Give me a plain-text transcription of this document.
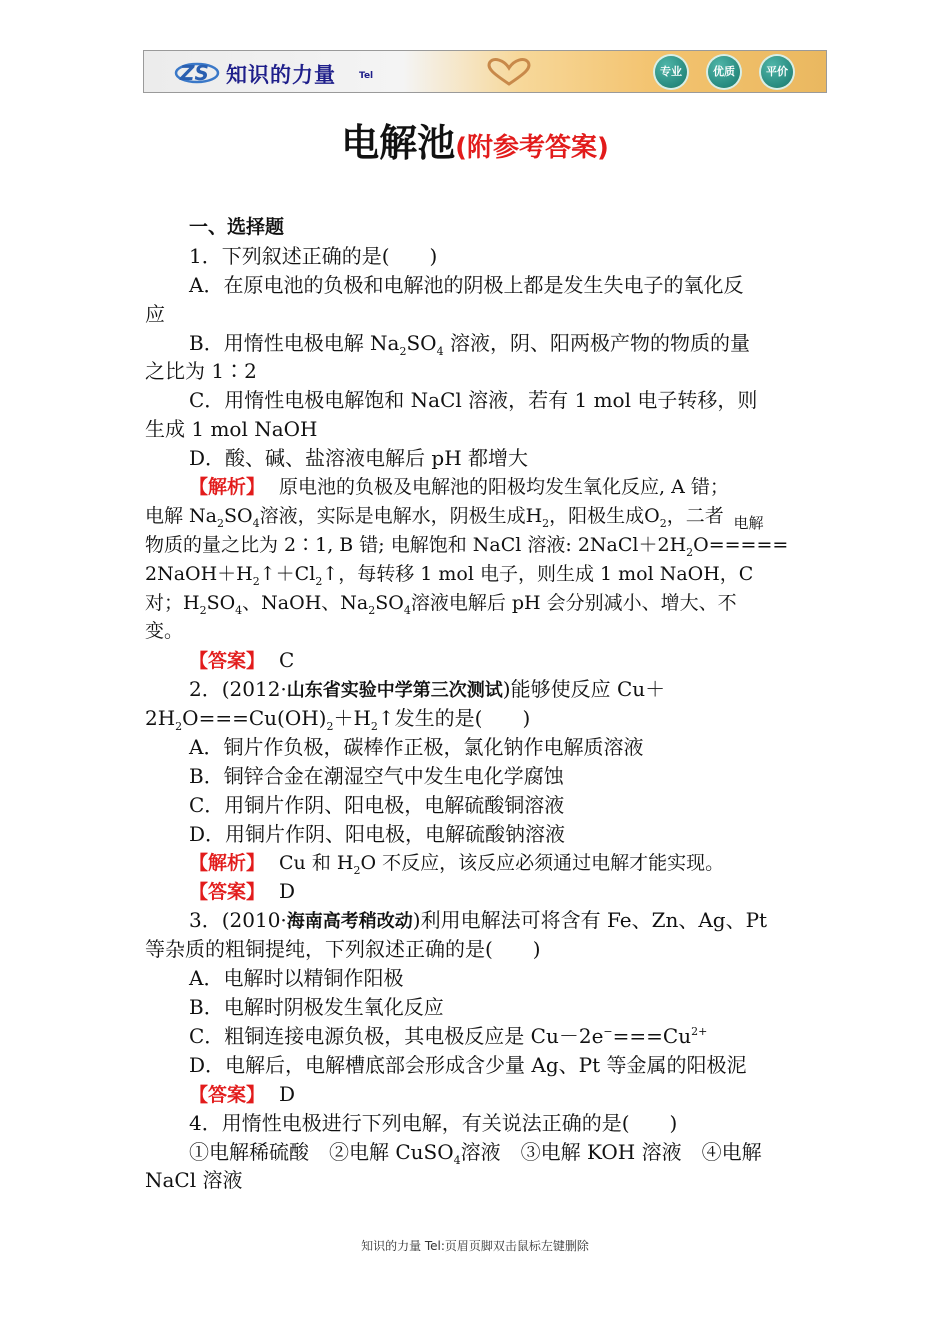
ZS 知识的力量	Tel	专业	优质	平价
电解池(附参考答案)
一、选择题
1．下列叙述正确的是(　　)
A．在原电池的负极和电解池的阴极上都是发生失电子的氧化反
应
B．用惰性电极电解 $Na_2SO_4$ 溶液，阴、阳两极产物的物质的量
之比为 1∶2
C．用惰性电极电解饱和 NaCl 溶液，若有 1 mol 电子转移，则
生成 1 mol NaOH
D．酸、碱、盐溶液电解后 pH 都增大
【解析】 原电池的负极及电解池的阳极均发生氧化反应, A 错；
电解 $Na_2SO_4$溶液，实际是电解水，阴极生成$H_2$，阳极生成$O_2$，二者
物质的量之比为 2∶1, B 错; 电解饱和 NaCl 溶液: $2NaCl+2H_2O$
电解
=====
$2NaOH+H_2↑+Cl_2↑$，每转移 1 mol 电子，则生成 1 mol NaOH，C
对；$H_2SO_4$、NaOH、$Na_2SO_4$溶液电解后 pH 会分别减小、增大、不
变。
【答案】 C
2．(2012·山东省实验中学第三次测试)能够使反应 Cu＋
$2H_2O===Cu(OH)_2+H_2↑$发生的是(　　)
A．铜片作负极，碳棒作正极，氯化钠作电解质溶液
B．铜锌合金在潮湿空气中发生电化学腐蚀
C．用铜片作阴、阳电极，电解硫酸铜溶液
D．用铜片作阴、阳电极，电解硫酸钠溶液
【解析】 Cu 和 $H_2O$ 不反应，该反应必须通过电解才能实现。
【答案】 D
3．(2010·海南高考稍改动)利用电解法可将含有 Fe、Zn、Ag、Pt
等杂质的粗铜提纯，下列叙述正确的是(　　)
A．电解时以精铜作阳极
B．电解时阴极发生氧化反应
C．粗铜连接电源负极，其电极反应是 $Cu-2e^-===Cu^{2+}$
D．电解后，电解槽底部会形成含少量 Ag、Pt 等金属的阳极泥
【答案】 D
4．用惰性电极进行下列电解，有关说法正确的是(　　)
①电解稀硫酸　②电解 CuSO$_4$溶液　③电解 KOH 溶液　④电解
NaCl 溶液
知识的力量 Tel:页眉页脚双击鼠标左键删除
